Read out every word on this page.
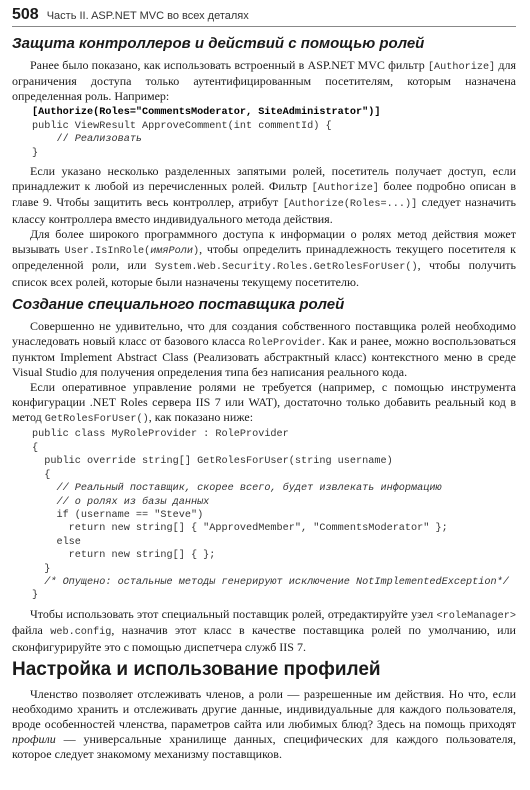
508 Часть II. ASP.NET MVC во всех деталях
Защита контроллеров и действий с помощью ролей

Ранее было показано, как использовать встроенный в ASP.NET MVC фильтр [Authorize] для ограничения доступа только аутентифицированным посетителям, которым назначена определенная роль. Например:

[Authorize(Roles="CommentsModerator, SiteAdministrator")]
public ViewResult ApproveComment(int commentId) {
// Реализовать
}

Если указано несколько разделенных запятыми ролей, посетитель получает доступ, если принадлежит к любой из перечисленных ролей. Фильтр [Authorize] более подробно описан в главе 9. Чтобы защитить весь контроллер, атрибут [Authorize(Roles=...)] следует назначить классу контроллера вместо индивидуального метода действия.

Для более широкого программного доступа к информации о ролях метод действия может вызывать User.IsInRole(имяРоли), чтобы определить принадлежность текущего посетителя к определенной роли, или System.Web.Security.Roles.GetRolesForUser(), чтобы получить список всех ролей, которые были назначены текущему посетителю.

Создание специального поставщика ролей

Совершенно не удивительно, что для создания собственного поставщика ролей необходимо унаследовать новый класс от базового класса RoleProvider. Как и ранее, можно воспользоваться пунктом Implement Abstract Class (Реализовать абстрактный класс) контекстного меню в среде Visual Studio для получения определения типа без написания реального кода.

Если оперативное управление ролями не требуется (например, с помощью инструмента конфигурации .NET Roles сервера IIS 7 или WAT), достаточно только добавить реальный код в метод GetRolesForUser(), как показано ниже:

public class MyRoleProvider : RoleProvider
{
public override string[] GetRolesForUser(string username)
{
// Реальный поставщик, скорее всего, будет извлекать информацию
// о ролях из базы данных
if (username == "Steve")
return new string[] { "ApprovedMember", "CommentsModerator" };
else
return new string[] { };
}
/* Опущено: остальные методы генерируют исключение NotImplementedException*/
}

Чтобы использовать этот специальный поставщик ролей, отредактируйте узел <roleManager> файла web.config, назначив этот класс в качестве поставщика ролей по умолчанию, или сконфигурируйте это с помощью диспетчера служб IIS 7.

Настройка и использование профилей

Членство позволяет отслеживать членов, а роли — разрешенные им действия. Но что, если необходимо хранить и отслеживать другие данные, индивидуальные для каждого пользователя, вроде особенностей членства, параметров сайта или любимых блюд? Здесь на помощь приходят профили — универсальные хранилище данных, специфических для каждого пользователя, которое следует знакомому механизму поставщиков.
